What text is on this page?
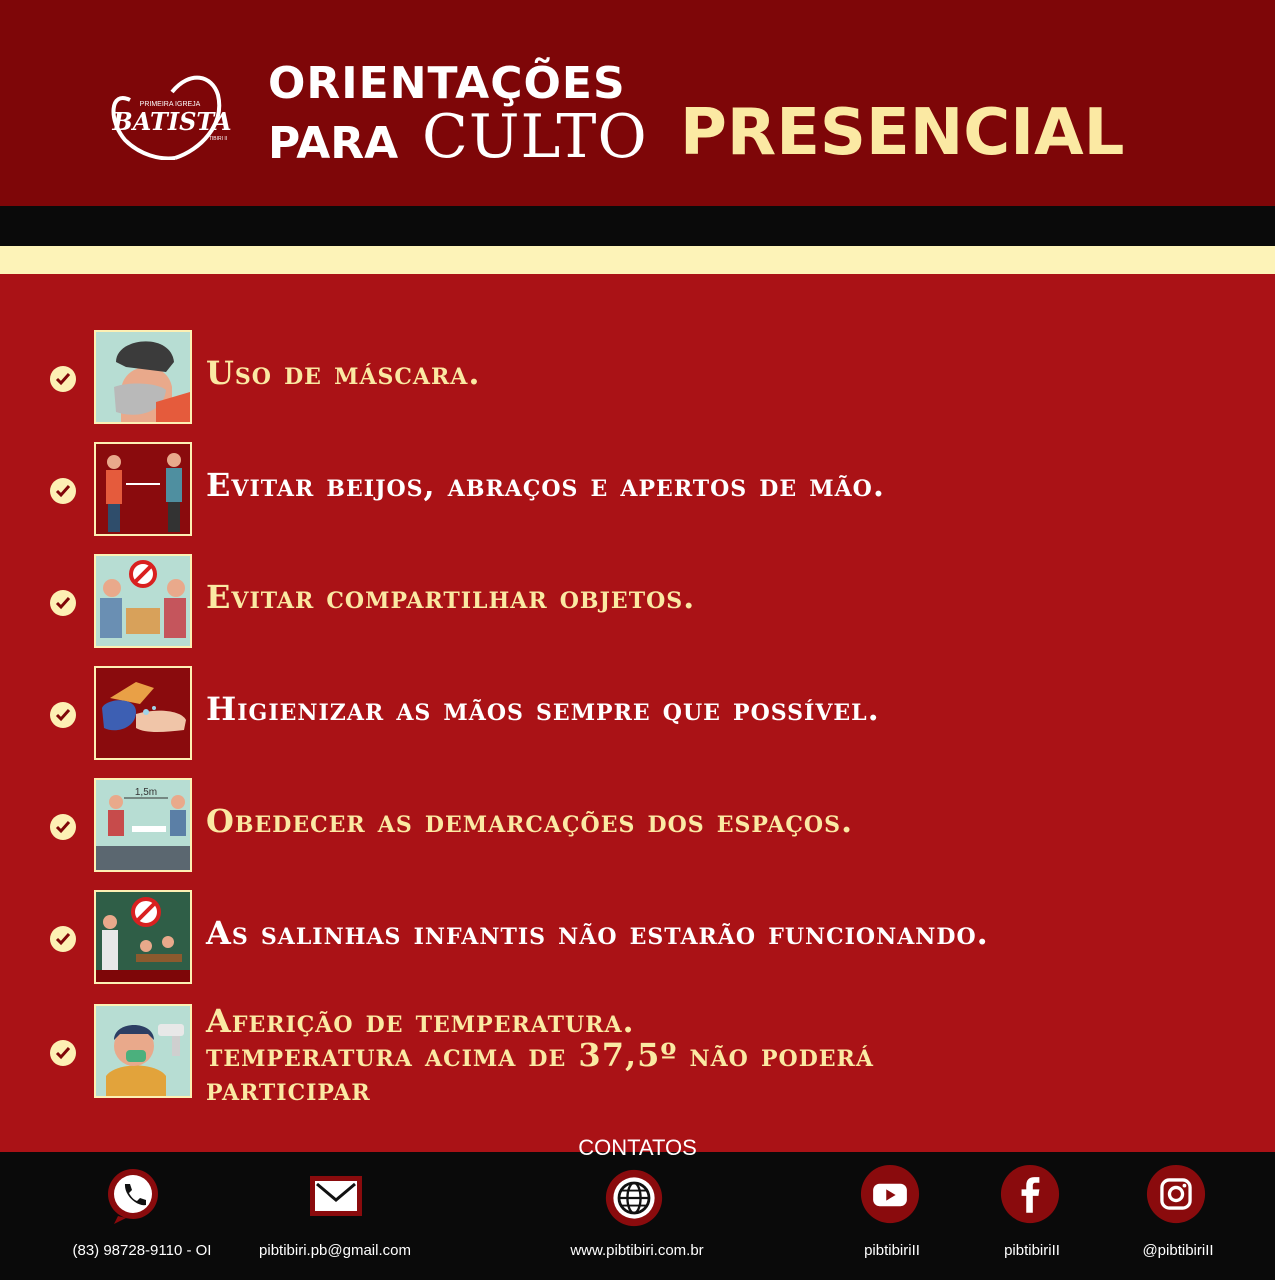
PRIMEIRA IGREJA
BATISTA
TIBIRI II
ORIENTAÇÕES
PARA CULTO PRESENCIAL
Uso de máscara.
Evitar beijos, abraços e apertos de mão.
Evitar compartilhar objetos.
Higienizar as mãos sempre que possível.
1,5m
Obedecer as demarcações dos espaços.
As salinhas infantis não estarão funcionando.
Aferição de temperatura.
temperatura acima de 37,5º não poderá
participar
CONTATOS
(83) 98728-9110 - OI	pibtibiri.pb@gmail.com	www.pibtibiri.com.br	pibtibiriII	pibtibiriII	@pibtibiriII
